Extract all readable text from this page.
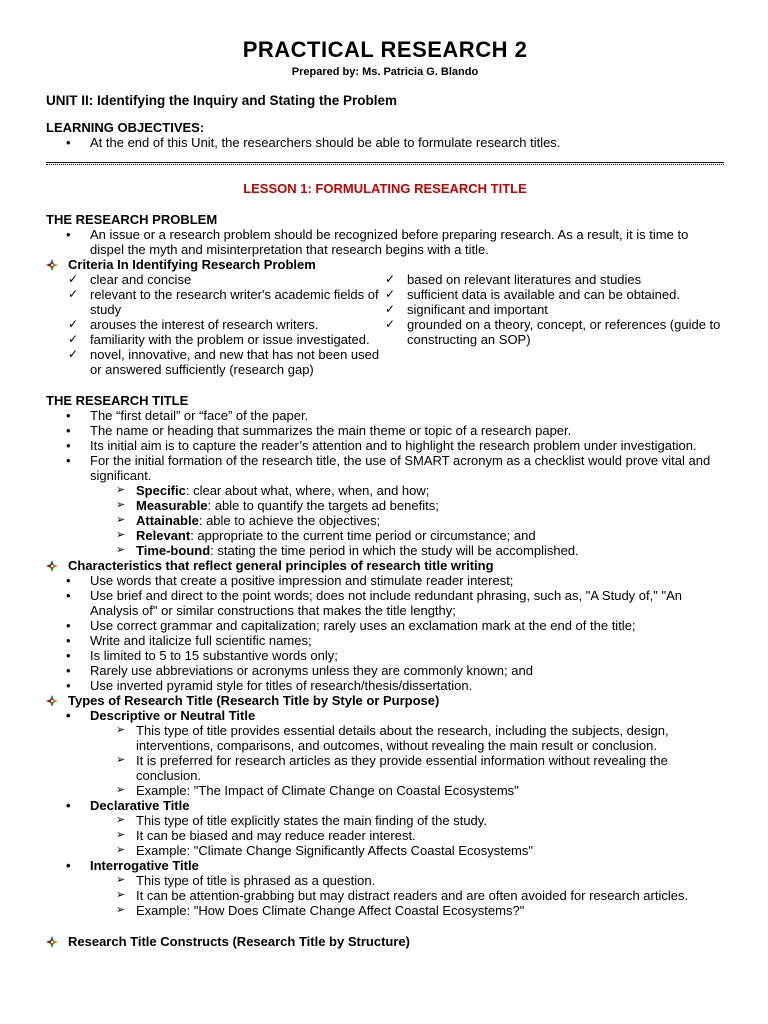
PRACTICAL RESEARCH 2
Prepared by: Ms. Patricia G. Blando
UNIT II: Identifying the Inquiry and Stating the Problem
LEARNING OBJECTIVES:
• At the end of this Unit, the researchers should be able to formulate research titles.
LESSON 1: FORMULATING RESEARCH TITLE
THE RESEARCH PROBLEM
• An issue or a research problem should be recognized before preparing research. As a result, it is time to dispel the myth and misinterpretation that research begins with a title.
Criteria In Identifying Research Problem
✓ clear and concise
✓ relevant to the research writer's academic fields of study
✓ arouses the interest of research writers.
✓ familiarity with the problem or issue investigated.
✓ novel, innovative, and new that has not been used or answered sufficiently (research gap)
✓ based on relevant literatures and studies
✓ sufficient data is available and can be obtained.
✓ significant and important
✓ grounded on a theory, concept, or references (guide to constructing an SOP)
THE RESEARCH TITLE
• The “first detail” or “face” of the paper.
• The name or heading that summarizes the main theme or topic of a research paper.
• Its initial aim is to capture the reader’s attention and to highlight the research problem under investigation.
• For the initial formation of the research title, the use of SMART acronym as a checklist would prove vital and significant.
➢ Specific: clear about what, where, when, and how;
➢ Measurable: able to quantify the targets ad benefits;
➢ Attainable: able to achieve the objectives;
➢ Relevant: appropriate to the current time period or circumstance; and
➢ Time-bound: stating the time period in which the study will be accomplished.
Characteristics that reflect general principles of research title writing
• Use words that create a positive impression and stimulate reader interest;
• Use brief and direct to the point words; does not include redundant phrasing, such as, "A Study of," "An Analysis of" or similar constructions that makes the title lengthy;
• Use correct grammar and capitalization; rarely uses an exclamation mark at the end of the title;
• Write and italicize full scientific names;
• Is limited to 5 to 15 substantive words only;
• Rarely use abbreviations or acronyms unless they are commonly known; and
• Use inverted pyramid style for titles of research/thesis/dissertation.
Types of Research Title (Research Title by Style or Purpose)
• Descriptive or Neutral Title
➢ This type of title provides essential details about the research, including the subjects, design, interventions, comparisons, and outcomes, without revealing the main result or conclusion.
➢ It is preferred for research articles as they provide essential information without revealing the conclusion.
➢ Example: "The Impact of Climate Change on Coastal Ecosystems"
• Declarative Title
➢ This type of title explicitly states the main finding of the study.
➢ It can be biased and may reduce reader interest.
➢ Example: "Climate Change Significantly Affects Coastal Ecosystems"
• Interrogative Title
➢ This type of title is phrased as a question.
➢ It can be attention-grabbing but may distract readers and are often avoided for research articles.
➢ Example: "How Does Climate Change Affect Coastal Ecosystems?"
Research Title Constructs (Research Title by Structure)
